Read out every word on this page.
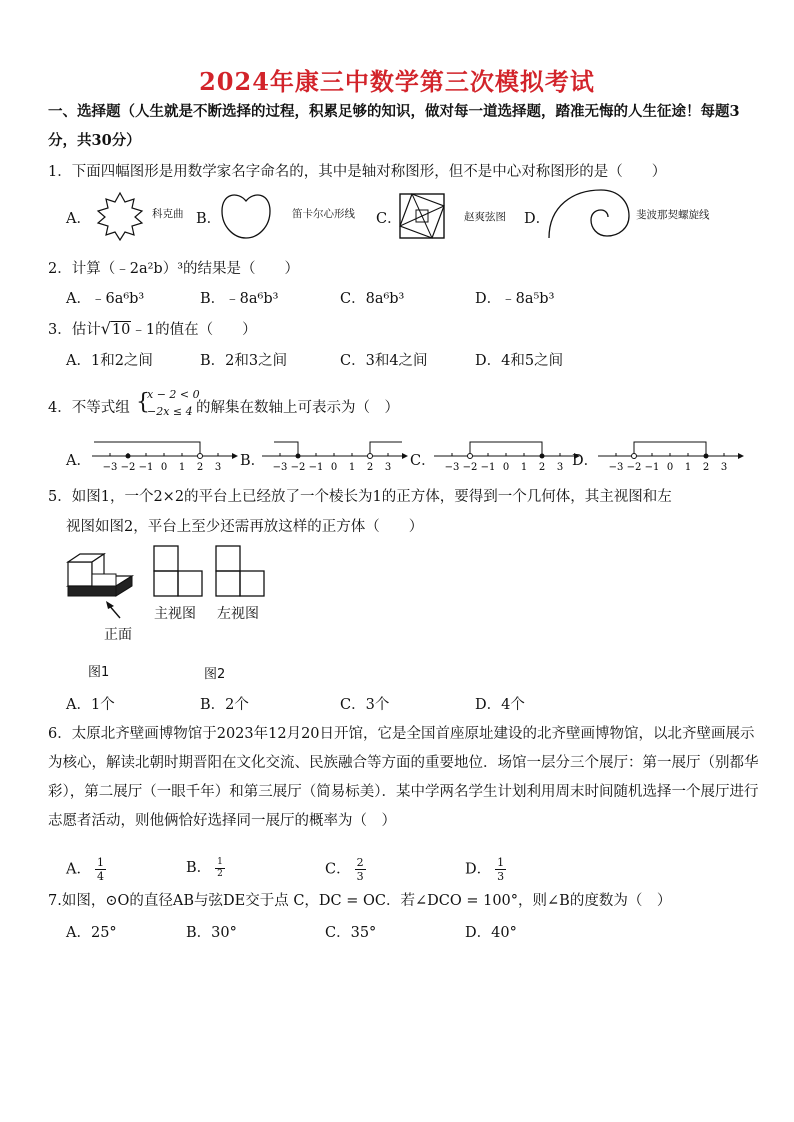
2024年康三中数学第三次模拟考试
一、选择题（人生就是不断选择的过程，积累足够的知识，做对每一道选择题，踏准无悔的人生征途！每题3分，共30分）
1．下面四幅图形是用数学家名字命名的，其中是轴对称图形，但不是中心对称图形的是（　　）
A．	科克曲 B．	笛卡尔心形线 C．	赵爽弦图 D．	斐波那契螺旋线
2．计算（﹣2a²b）³的结果是（　　）
A．﹣6a⁶b³	B．﹣8a⁶b³	C．8a⁶b³	D．﹣8a⁵b³
3．估计√10﹣1的值在（　　）
A．1和2之间	B．2和3之间	C．3和4之间	D．4和5之间
4．不等式组 {
x − 2 < 0
−2x ≤ 4 的解集在数轴上可表示为（　）
A． −3 −2 −1 0 1 2 3 B． −3 −2 −1 0 1 2 3 C． −3 −2 −1 0 1 2 3 D． −3 −2 −1 0 1 2 3
5．如图1，一个2×2的平台上已经放了一个棱长为1的正方体，要得到一个几何体，其主视图和左
视图如图2，平台上至少还需再放这样的正方体（　　）
正面
主视图 左视图
图1	图2
A．1个	B．2个	C．3个	D．4个
6．太原北齐壁画博物馆于2023年12月20日开馆，它是全国首座原址建设的北齐壁画博物馆，以北齐壁画展示为核心，解读北朝时期晋阳在文化交流、民族融合等方面的重要地位．场馆一层分三个展厅：第一展厅（别都华彩），第二展厅（一眼千年）和第三展厅（简易标美）．某中学两名学生计划利用周末时间随机选择一个展厅进行志愿者活动，则他俩恰好选择同一展厅的概率为（　）
A． $\frac{1}{4}$	B． $\frac{1}{2}$	C． $\frac{2}{3}$	D． $\frac{1}{3}$
7.如图，⊙O的直径AB与弦DE交于点 C，DC = OC．若∠DCO = 100°，则∠B的度数为（　）
A．25°	B．30°	C．35°	D．40°
